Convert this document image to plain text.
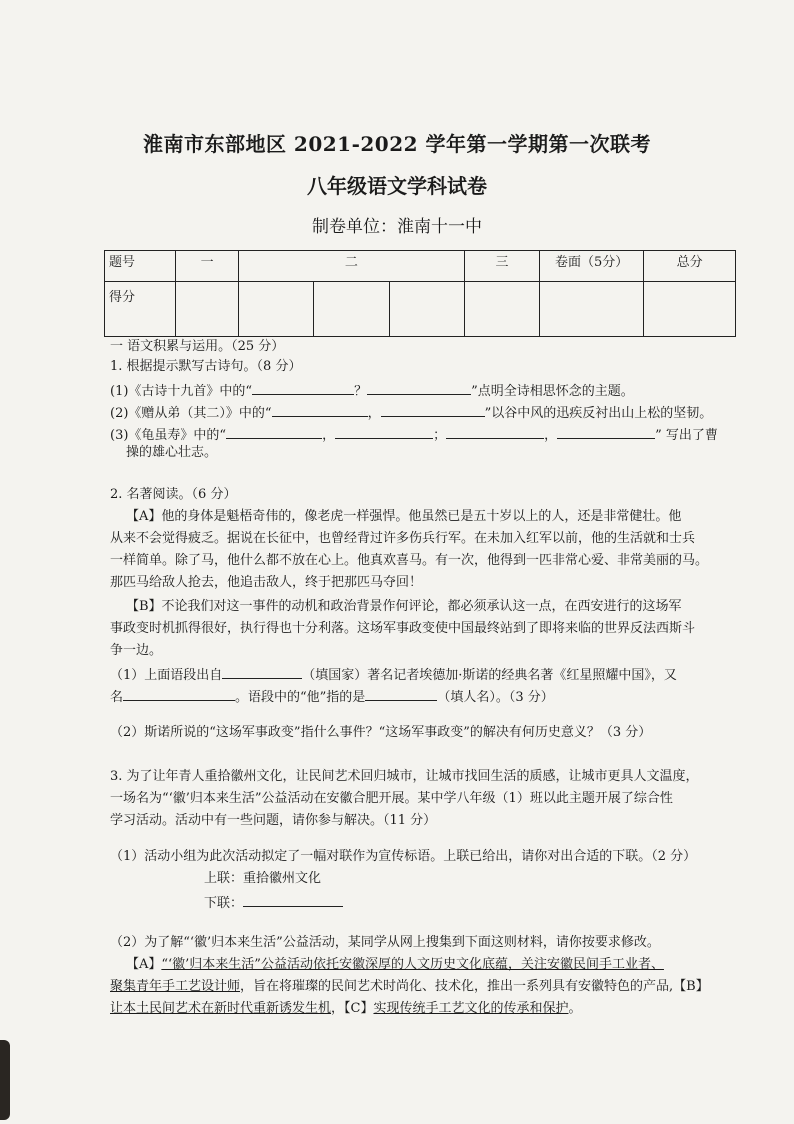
淮南市东部地区 2021-2022 学年第一学期第一次联考
八年级语文学科试卷
制卷单位：淮南十一中
题号	一	二			三	卷面（5分）	总分
得分							
一 语文积累与运用。（25 分）
1. 根据提示默写古诗句。（8 分）
(1)《古诗十九首》中的“	？	”点明全诗相思怀念的主题。
(2)《赠从弟（其二）》中的“	，	”以谷中风的迅疾反衬出山上松的坚韧。
(3)《龟虽寿》中的“	，	；	，	” 写出了曹
操的雄心壮志。
2. 名著阅读。（6 分）
【A】他的身体是魁梧奇伟的，像老虎一样强悍。他虽然已是五十岁以上的人，还是非常健壮。他
从来不会觉得疲乏。据说在长征中，也曾经背过许多伤兵行军。在未加入红军以前，他的生活就和士兵
一样简单。除了马，他什么都不放在心上。他真欢喜马。有一次，他得到一匹非常心爱、非常美丽的马。
那匹马给敌人抢去，他追击敌人，终于把那匹马夺回！
【B】不论我们对这一事件的动机和政治背景作何评论，都必须承认这一点，在西安进行的这场军
事政变时机抓得很好，执行得也十分利落。这场军事政变使中国最终站到了即将来临的世界反法西斯斗
争一边。
（1）上面语段出自	（填国家）著名记者埃德加·斯诺的经典名著《红星照耀中国》，又
名	。语段中的“他”指的是	（填人名）。（3 分）
（2）斯诺所说的“这场军事政变”指什么事件？“这场军事政变”的解决有何历史意义？（3 分）
3. 为了让年青人重拾徽州文化，让民间艺术回归城市，让城市找回生活的质感，让城市更具人文温度，
一场名为“‘徽’归本来生活”公益活动在安徽合肥开展。某中学八年级（1）班以此主题开展了综合性
学习活动。活动中有一些问题，请你参与解决。（11 分）
（1）活动小组为此次活动拟定了一幅对联作为宣传标语。上联已给出，请你对出合适的下联。（2 分）
上联：重拾徽州文化
下联：
（2）为了解“‘徽’归本来生活”公益活动，某同学从网上搜集到下面这则材料，请你按要求修改。
【A】“‘徽’归本来生活”公益活动依托安徽深厚的人文历史文化底蕴，关注安徽民间手工业者、
聚集青年手工艺设计师，旨在将璀璨的民间艺术时尚化、技术化，推出一系列具有安徽特色的产品,【B】
让本土民间艺术在新时代重新诱发生机，【C】实现传统手工艺文化的传承和保护。
